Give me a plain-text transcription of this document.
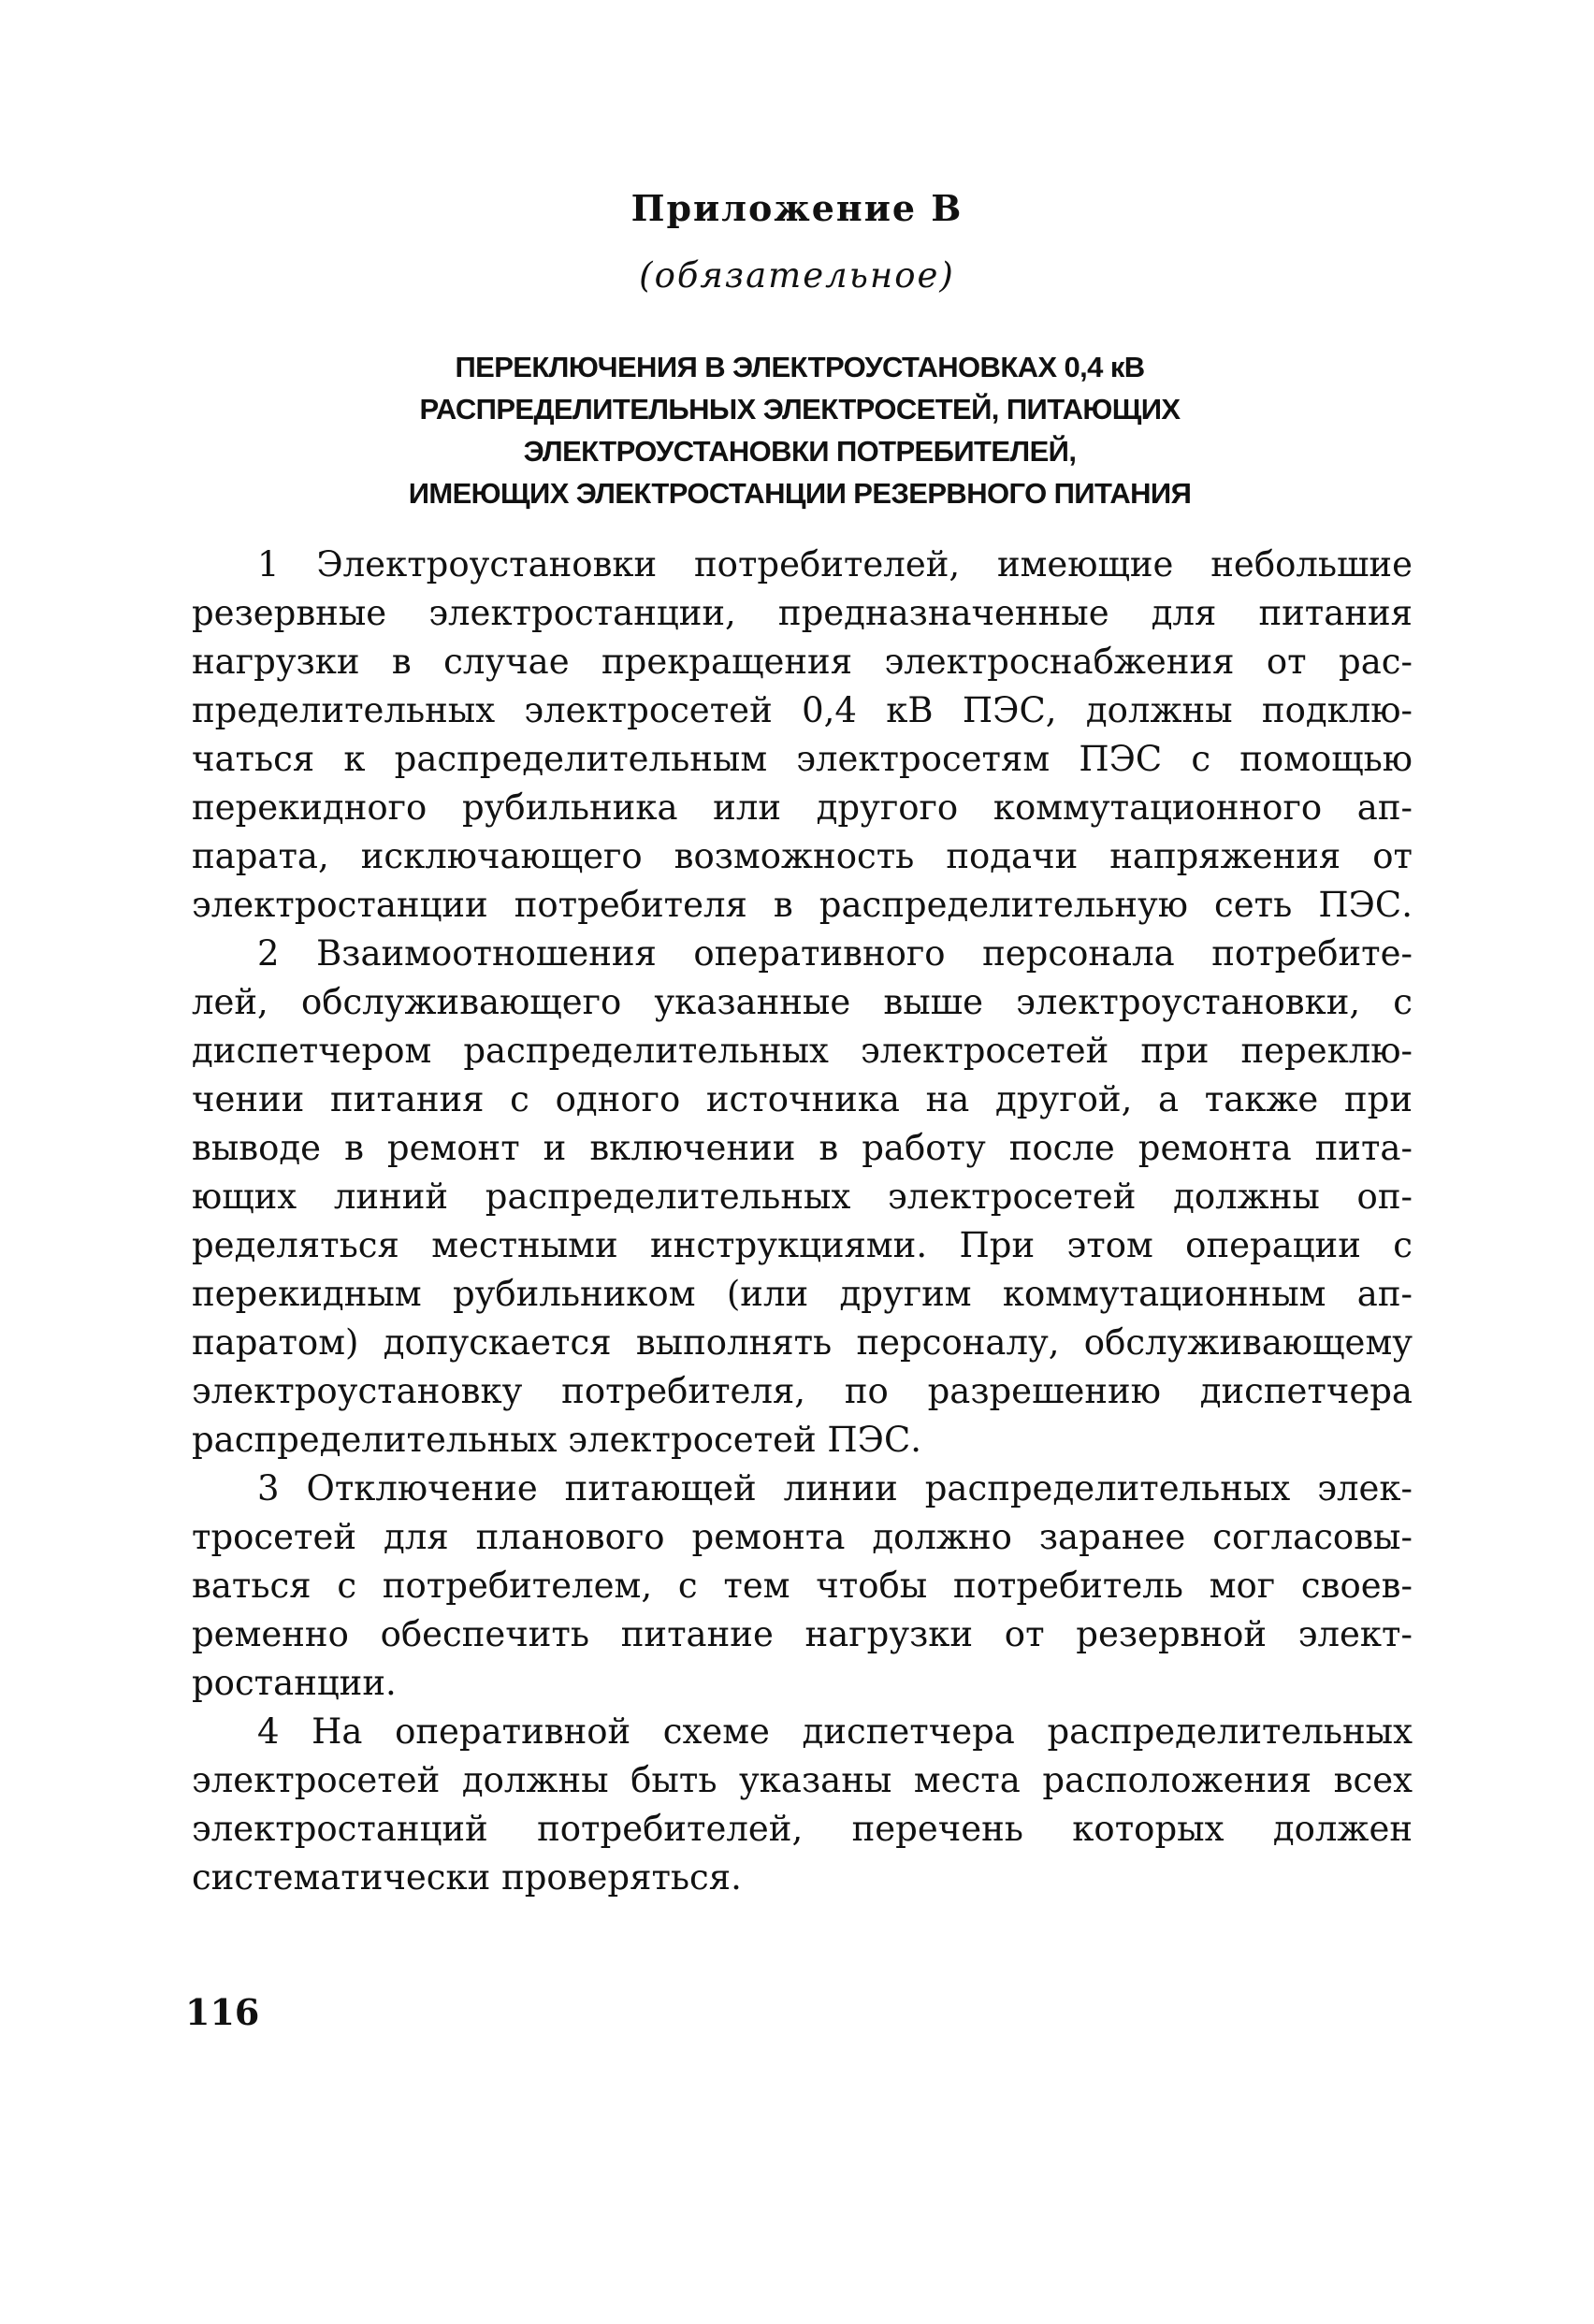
Приложение В
(обязательное)
ПЕРЕКЛЮЧЕНИЯ В ЭЛЕКТРОУСТАНОВКАХ 0,4 кВ
РАСПРЕДЕЛИТЕЛЬНЫХ ЭЛЕКТРОСЕТЕЙ, ПИТАЮЩИХ
ЭЛЕКТРОУСТАНОВКИ ПОТРЕБИТЕЛЕЙ,
ИМЕЮЩИХ ЭЛЕКТРОСТАНЦИИ РЕЗЕРВНОГО ПИТАНИЯ
1 Электроустановки потребителей, имеющие небольшие
резервные электростанции, предназначенные для питания
нагрузки в случае прекращения электроснабжения от рас-
пределительных электросетей 0,4 кВ ПЭС, должны подклю-
чаться к распределительным электросетям ПЭС с помощью
перекидного рубильника или другого коммутационного ап-
парата, исключающего возможность подачи напряжения от
электростанции потребителя в распределительную сеть ПЭС.
2 Взаимоотношения оперативного персонала потребите-
лей, обслуживающего указанные выше электроустановки, с
диспетчером распределительных электросетей при переклю-
чении питания с одного источника на другой, а также при
выводе в ремонт и включении в работу после ремонта пита-
ющих линий распределительных электросетей должны оп-
ределяться местными инструкциями. При этом операции с
перекидным рубильником (или другим коммутационным ап-
паратом) допускается выполнять персоналу, обслуживающему
электроустановку потребителя, по разрешению диспетчера
распределительных электросетей ПЭС.
3 Отключение питающей линии распределительных элек-
тросетей для планового ремонта должно заранее согласовы-
ваться с потребителем, с тем чтобы потребитель мог своев-
ременно обеспечить питание нагрузки от резервной элект-
ростанции.
4 На оперативной схеме диспетчера распределительных
электросетей должны быть указаны места расположения всех
электростанций потребителей, перечень которых должен
систематически проверяться.
116
